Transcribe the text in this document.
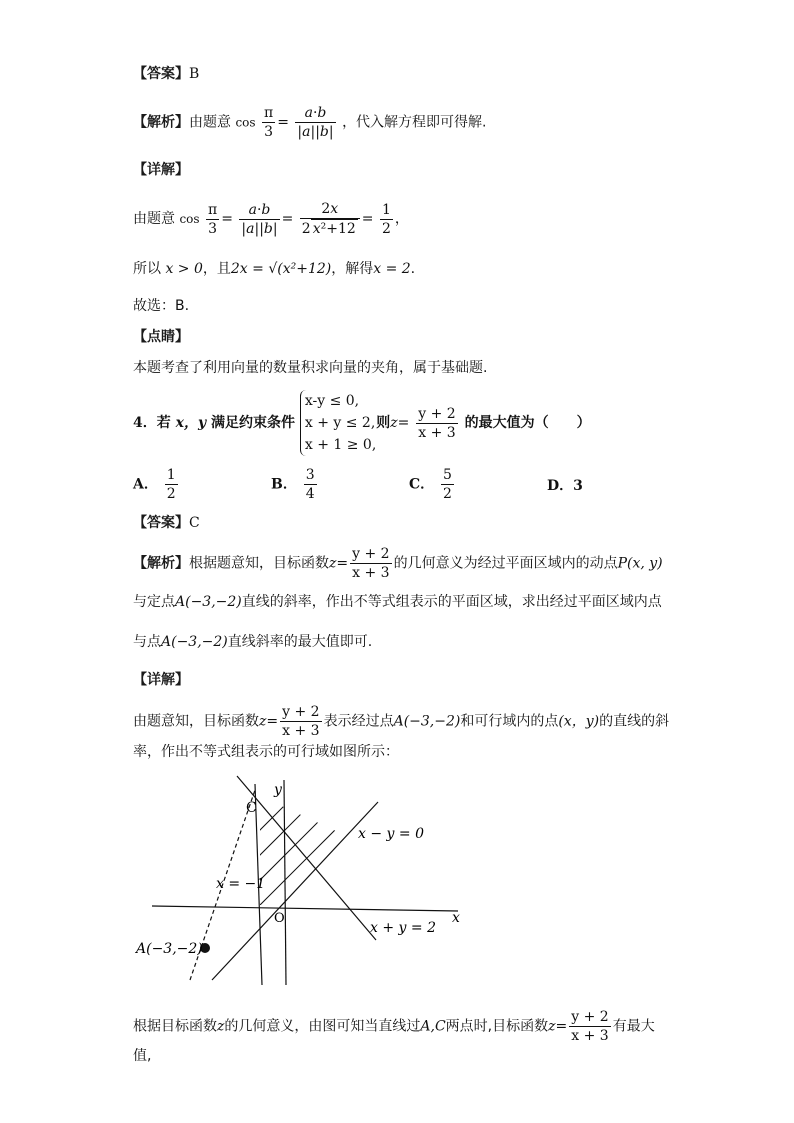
【答案】B
【解析】由题意 $\cos \frac{\pi}{3} = \frac{a\cdot b}{|a||b|}$ ，代入解方程即可得解.
【详解】
由题意 $\cos \frac{\pi}{3} = \frac{a\cdot b}{|a||b|} = \frac{2x}{\text{2 x²+12}} = \frac{1}{2}$ ，
所以 x > 0，且2x = √(x²+12)，解得x = 2.
故选：B.
【点睛】
本题考查了利用向量的数量积求向量的夹角，属于基础题.
4．若 x，y 满足约束条件
x-y ≤ 0,
x + y ≤ 2,
x + 1 ≥ 0,
则$z= \frac{y + 2}{x + 3}$ 的最大值为（　　）
A． $\frac{1}{2}$	B． $\frac{3}{4}$	C． $\frac{5}{2}$	D．3
【答案】C
【解析】根据题意知，目标函数$z= \frac{y + 2}{x + 3}$ 的几何意义为经过平面区域内的动点P(x, y)
与定点A(−3,−2)直线的斜率，作出不等式组表示的平面区域，求出经过平面区域内点
与点A(−3,−2)直线斜率的最大值即可.
【详解】
由题意知，目标函数$z= \frac{y + 2}{x + 3}$ 表示经过点A(−3,−2)和可行域内的点(x，y)的直线的斜
率，作出不等式组表示的可行域如图所示：
C
y
x
O
x − y = 0
x + y = 2
x = −1
A(−3,−2)
根据目标函数z的几何意义，由图可知当直线过A,C两点时,目标函数$z= \frac{y + 2}{x + 3}$ 有最大
值,
